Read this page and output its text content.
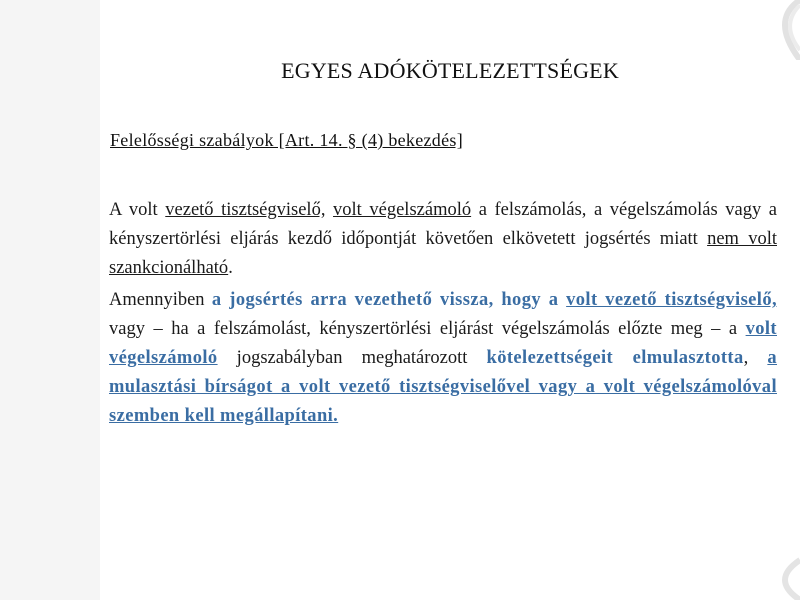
EGYES ADÓKÖTELEZETTSÉGEK

Felelősségi szabályok [Art. 14. § (4) bekezdés]

A volt vezető tisztségviselő, volt végelszámoló a felszámolás, a végelszámolás vagy a kényszertörlési eljárás kezdő időpontját követően elkövetett jogsértés miatt nem volt szankcionálható.

Amennyiben a jogsértés arra vezethető vissza, hogy a volt vezető tisztségviselő, vagy – ha a felszámolást, kényszertörlési eljárást végelszámolás előzte meg – a volt végelszámoló jogszabályban meghatározott kötelezettségeit elmulasztotta, a mulasztási bírságot a volt vezető tisztségviselővel vagy a volt végelszámolóval szemben kell megállapítani.
